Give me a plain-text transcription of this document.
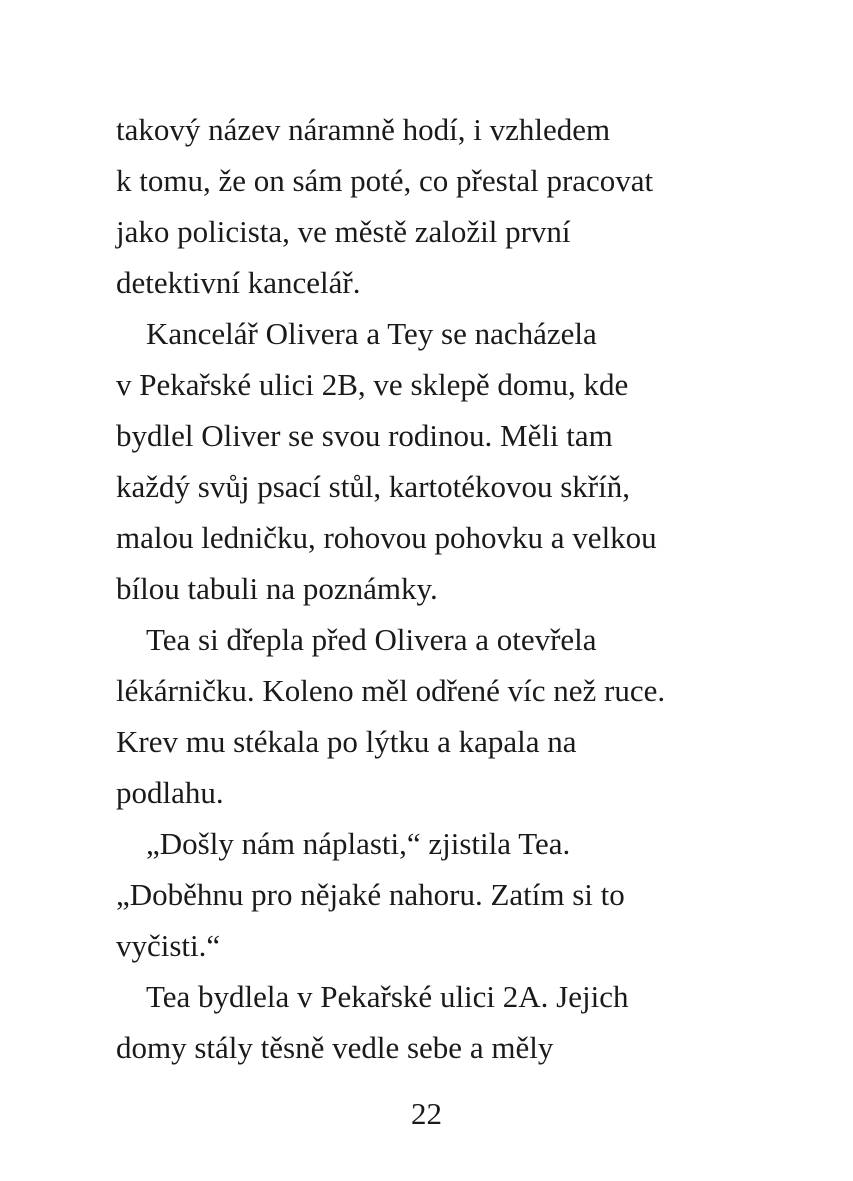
takový název náramně hodí, i vzhledem
k tomu, že on sám poté, co přestal pracovat
jako policista, ve městě založil první
detektivní kancelář.
Kancelář Olivera a Tey se nacházela
v Pekařské ulici 2B, ve sklepě domu, kde
bydlel Oliver se svou rodinou. Měli tam
každý svůj psací stůl, kartotékovou skříň,
malou ledničku, rohovou pohovku a velkou
bílou tabuli na poznámky.
Tea si dřepla před Olivera a otevřela
lékárničku. Koleno měl odřené víc než ruce.
Krev mu stékala po lýtku a kapala na
podlahu.
„Došly nám náplasti,“ zjistila Tea.
„Doběhnu pro nějaké nahoru. Zatím si to
vyčisti.“
Tea bydlela v Pekařské ulici 2A. Jejich
domy stály těsně vedle sebe a měly
22
